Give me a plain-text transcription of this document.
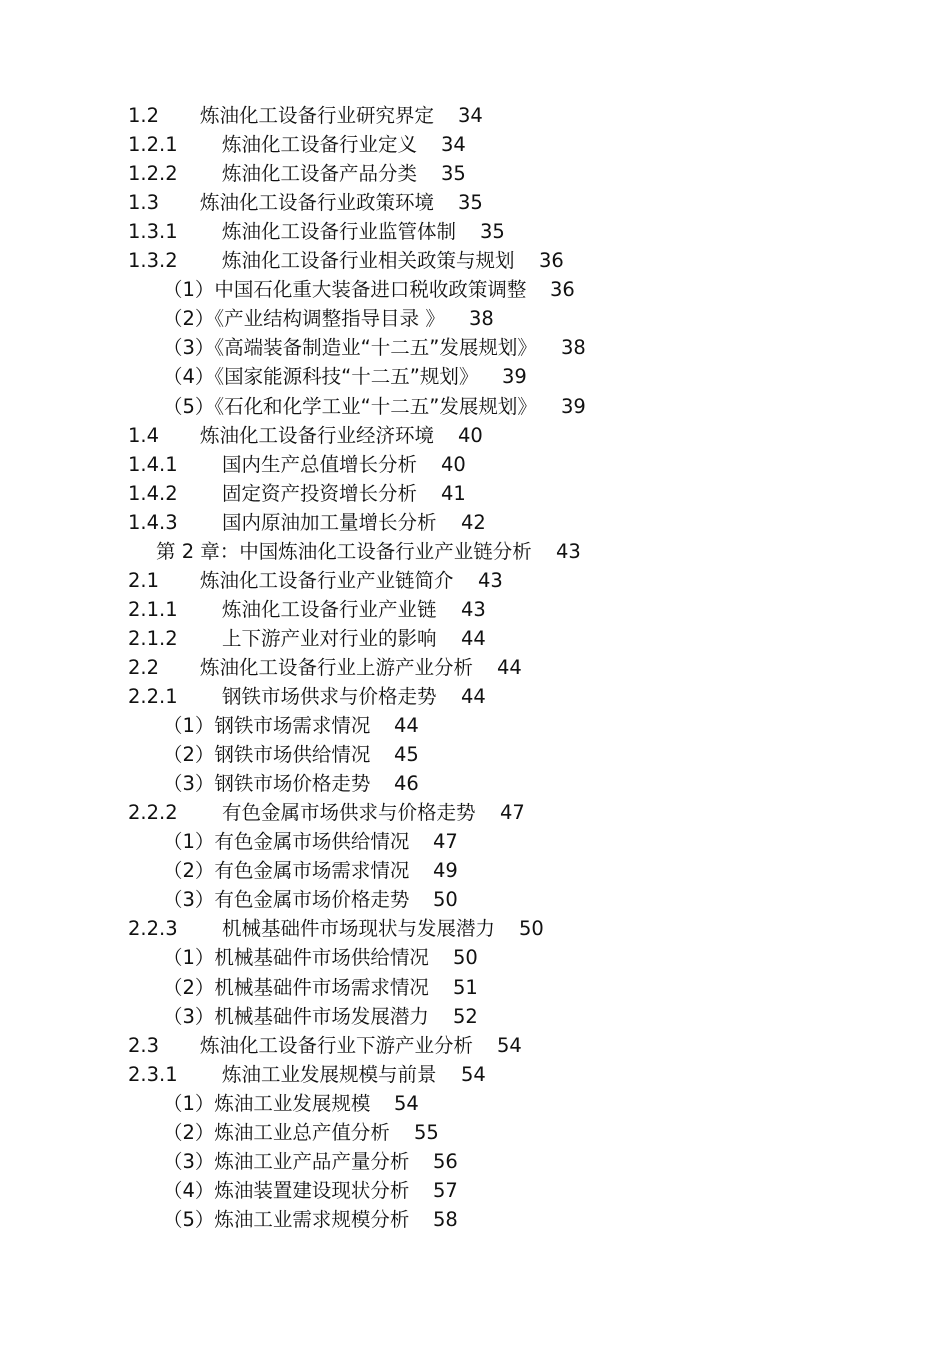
1.2 炼油化工设备行业研究界定 34
1.2.1 炼油化工设备行业定义 34
1.2.2 炼油化工设备产品分类 35
1.3 炼油化工设备行业政策环境 35
1.3.1 炼油化工设备行业监管体制 35
1.3.2 炼油化工设备行业相关政策与规划 36
（1）中国石化重大装备进口税收政策调整 36
（2）《产业结构调整指导目录 》 38
（3）《高端装备制造业“十二五”发展规划》 38
（4）《国家能源科技“十二五”规划》 39
（5）《石化和化学工业“十二五”发展规划》 39
1.4 炼油化工设备行业经济环境 40
1.4.1 国内生产总值增长分析 40
1.4.2 固定资产投资增长分析 41
1.4.3 国内原油加工量增长分析 42
第 2 章：中国炼油化工设备行业产业链分析 43
2.1 炼油化工设备行业产业链简介 43
2.1.1 炼油化工设备行业产业链 43
2.1.2 上下游产业对行业的影响 44
2.2 炼油化工设备行业上游产业分析 44
2.2.1 钢铁市场供求与价格走势 44
（1）钢铁市场需求情况 44
（2）钢铁市场供给情况 45
（3）钢铁市场价格走势 46
2.2.2 有色金属市场供求与价格走势 47
（1）有色金属市场供给情况 47
（2）有色金属市场需求情况 49
（3）有色金属市场价格走势 50
2.2.3 机械基础件市场现状与发展潜力 50
（1）机械基础件市场供给情况 50
（2）机械基础件市场需求情况 51
（3）机械基础件市场发展潜力 52
2.3 炼油化工设备行业下游产业分析 54
2.3.1 炼油工业发展规模与前景 54
（1）炼油工业发展规模 54
（2）炼油工业总产值分析 55
（3）炼油工业产品产量分析 56
（4）炼油装置建设现状分析 57
（5）炼油工业需求规模分析 58
